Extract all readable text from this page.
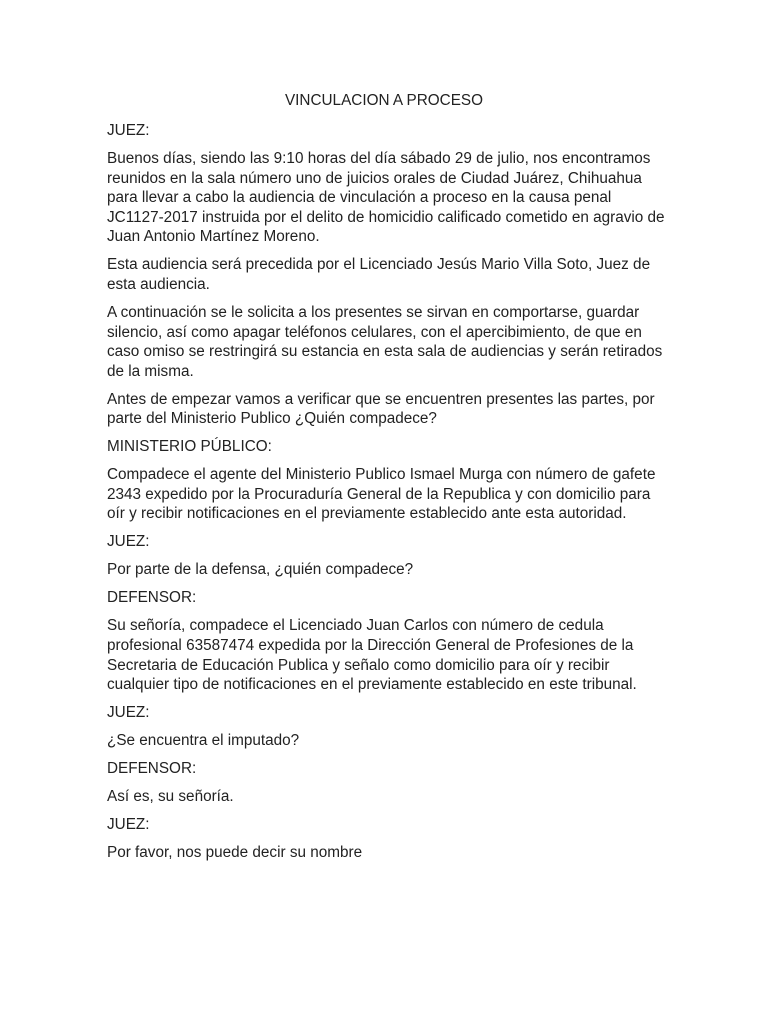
VINCULACION A PROCESO

JUEZ:

Buenos días, siendo las 9:10 horas del día sábado 29 de julio, nos encontramos
reunidos en la sala número uno de juicios orales de Ciudad Juárez, Chihuahua
para llevar a cabo la audiencia de vinculación a proceso en la causa penal
JC1127-2017 instruida por el delito de homicidio calificado cometido en agravio de
Juan Antonio Martínez Moreno.

Esta audiencia será precedida por el Licenciado Jesús Mario Villa Soto, Juez de
esta audiencia.

A continuación se le solicita a los presentes se sirvan en comportarse, guardar
silencio, así como apagar teléfonos celulares, con el apercibimiento, de que en
caso omiso se restringirá su estancia en esta sala de audiencias y serán retirados
de la misma.

Antes de empezar vamos a verificar que se encuentren presentes las partes, por
parte del Ministerio Publico ¿Quién compadece?

MINISTERIO PÚBLICO:

Compadece el agente del Ministerio Publico Ismael Murga con número de gafete
2343 expedido por la Procuraduría General de la Republica y con domicilio para
oír y recibir notificaciones en el previamente establecido ante esta autoridad.

JUEZ:

Por parte de la defensa, ¿quién compadece?

DEFENSOR:

Su señoría, compadece el Licenciado Juan Carlos con número de cedula
profesional 63587474 expedida por la Dirección General de Profesiones de la
Secretaria de Educación Publica y señalo como domicilio para oír y recibir
cualquier tipo de notificaciones en el previamente establecido en este tribunal.

JUEZ:

¿Se encuentra el imputado?

DEFENSOR:

Así es, su señoría.

JUEZ:

Por favor, nos puede decir su nombre
